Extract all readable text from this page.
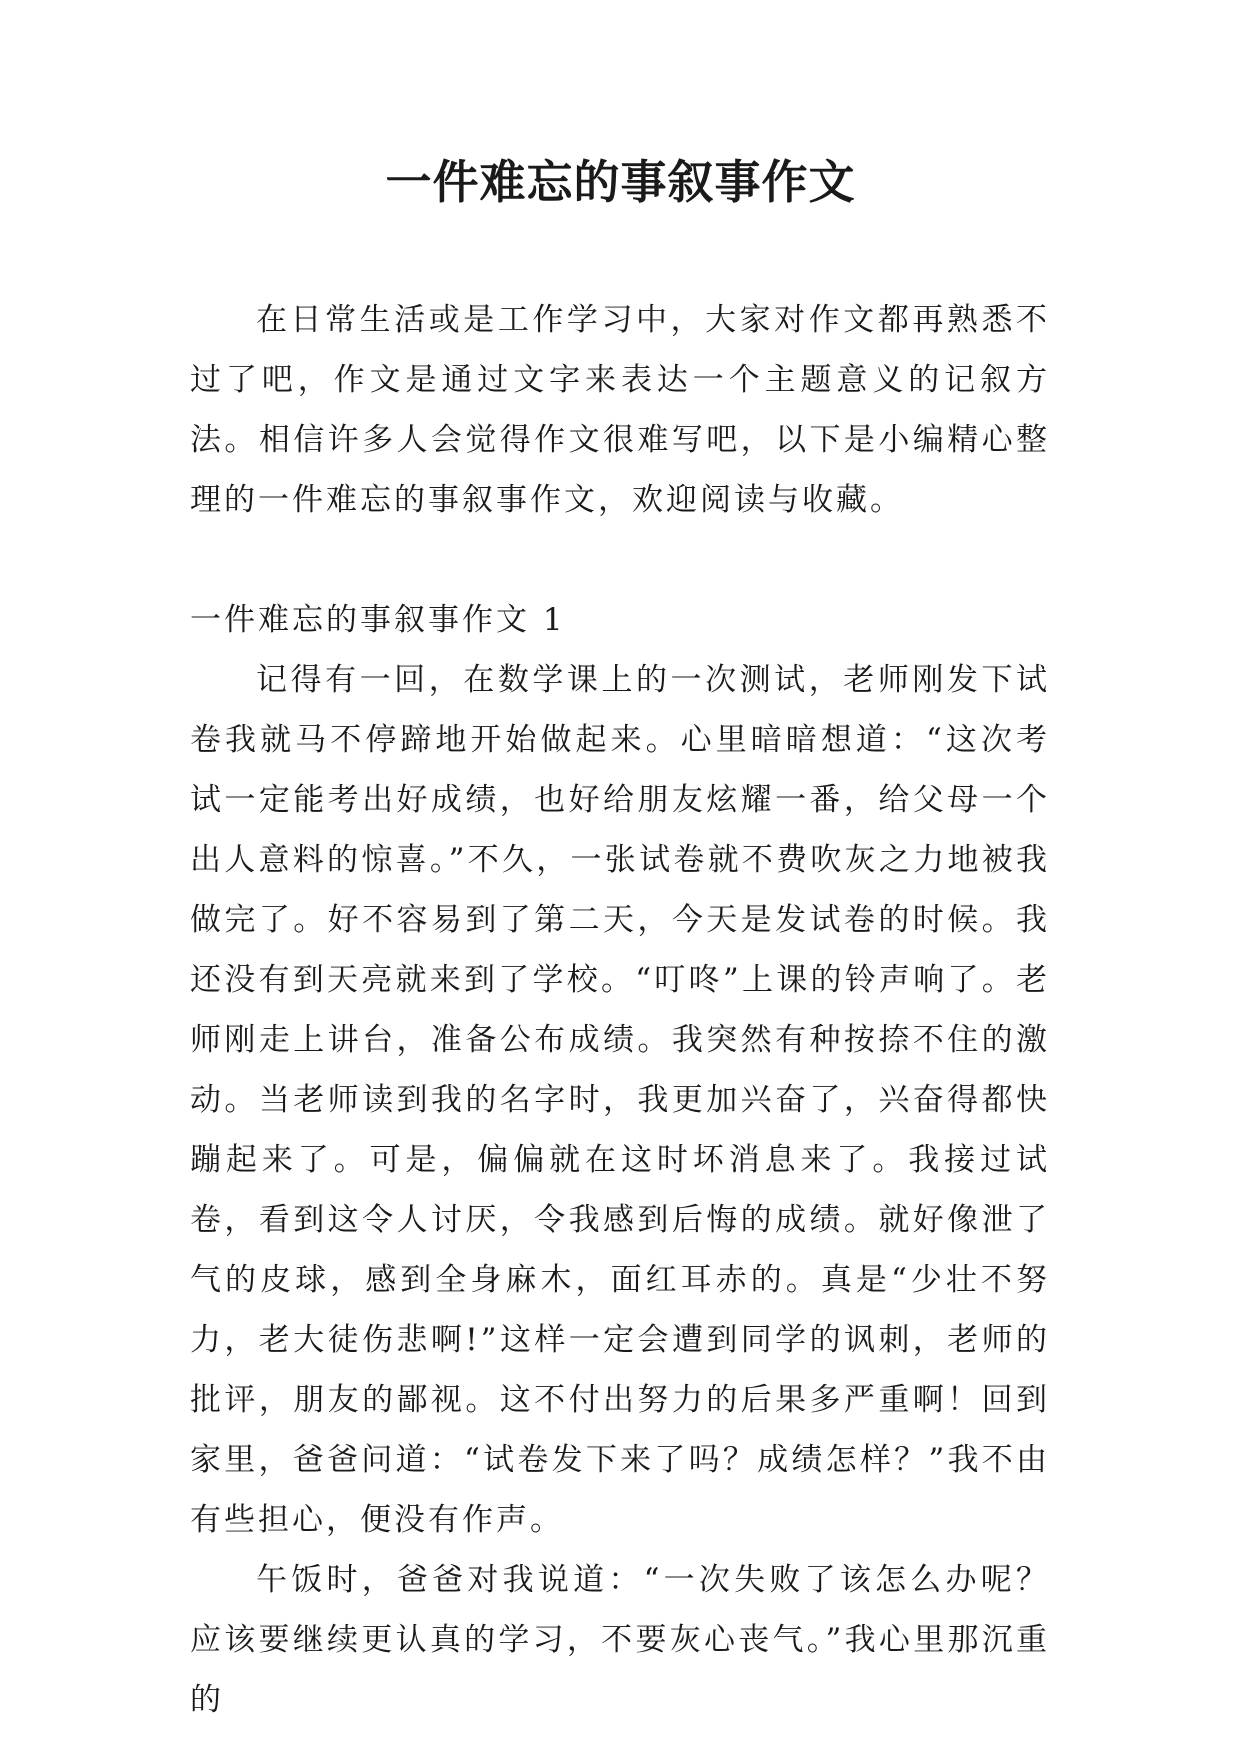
一件难忘的事叙事作文

在日常生活或是工作学习中，大家对作文都再熟悉不过了吧，作文是通过文字来表达一个主题意义的记叙方法。相信许多人会觉得作文很难写吧，以下是小编精心整理的一件难忘的事叙事作文，欢迎阅读与收藏。

一件难忘的事叙事作文 1

记得有一回，在数学课上的一次测试，老师刚发下试卷我就马不停蹄地开始做起来。心里暗暗想道：“这次考试一定能考出好成绩，也好给朋友炫耀一番，给父母一个出人意料的惊喜。”不久，一张试卷就不费吹灰之力地被我做完了。好不容易到了第二天，今天是发试卷的时候。我还没有到天亮就来到了学校。“叮咚”上课的铃声响了。老师刚走上讲台，准备公布成绩。我突然有种按捺不住的激动。当老师读到我的名字时，我更加兴奋了，兴奋得都快蹦起来了。可是，偏偏就在这时坏消息来了。我接过试卷，看到这令人讨厌，令我感到后悔的成绩。就好像泄了气的皮球，感到全身麻木，面红耳赤的。真是“少壮不努力，老大徒伤悲啊!”这样一定会遭到同学的讽刺，老师的批评，朋友的鄙视。这不付出努力的后果多严重啊！回到家里，爸爸问道：“试卷发下来了吗？成绩怎样？”我不由有些担心，便没有作声。

午饭时，爸爸对我说道：“一次失败了该怎么办呢？应该要继续更认真的学习，不要灰心丧气。”我心里那沉重的
